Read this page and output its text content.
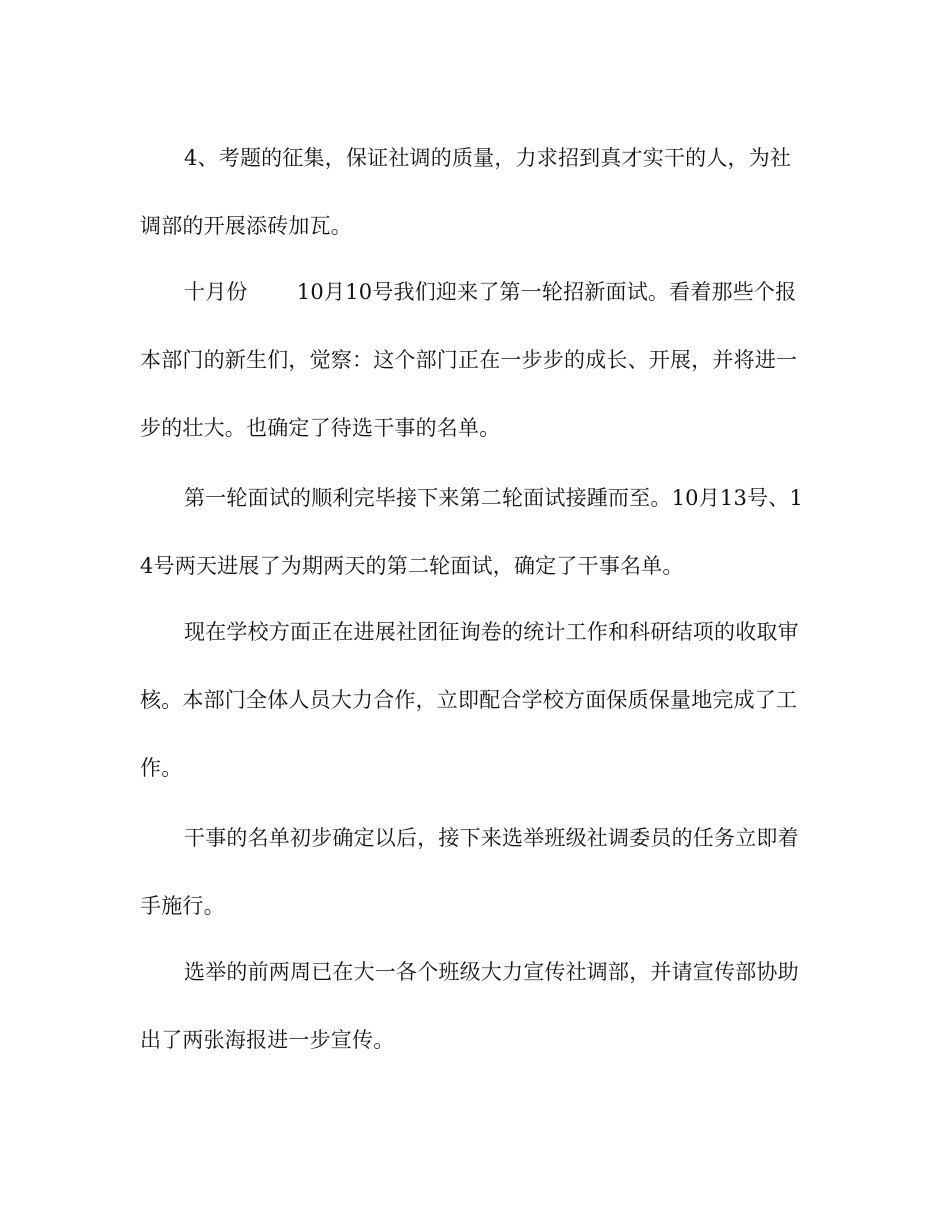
4、考题的征集，保证社调的质量，力求招到真才实干的人，为社调部的开展添砖加瓦。

十月份　　 10月10号我们迎来了第一轮招新面试。看着那些个报本部门的新生们，觉察：这个部门正在一步步的成长、开展，并将进一步的壮大。也确定了待选干事的名单。

第一轮面试的顺利完毕接下来第二轮面试接踵而至。10月13号、14号两天进展了为期两天的第二轮面试，确定了干事名单。

现在学校方面正在进展社团征询卷的统计工作和科研结项的收取审核。本部门全体人员大力合作，立即配合学校方面保质保量地完成了工作。

干事的名单初步确定以后，接下来选举班级社调委员的任务立即着手施行。

选举的前两周已在大一各个班级大力宣传社调部，并请宣传部协助出了两张海报进一步宣传。
